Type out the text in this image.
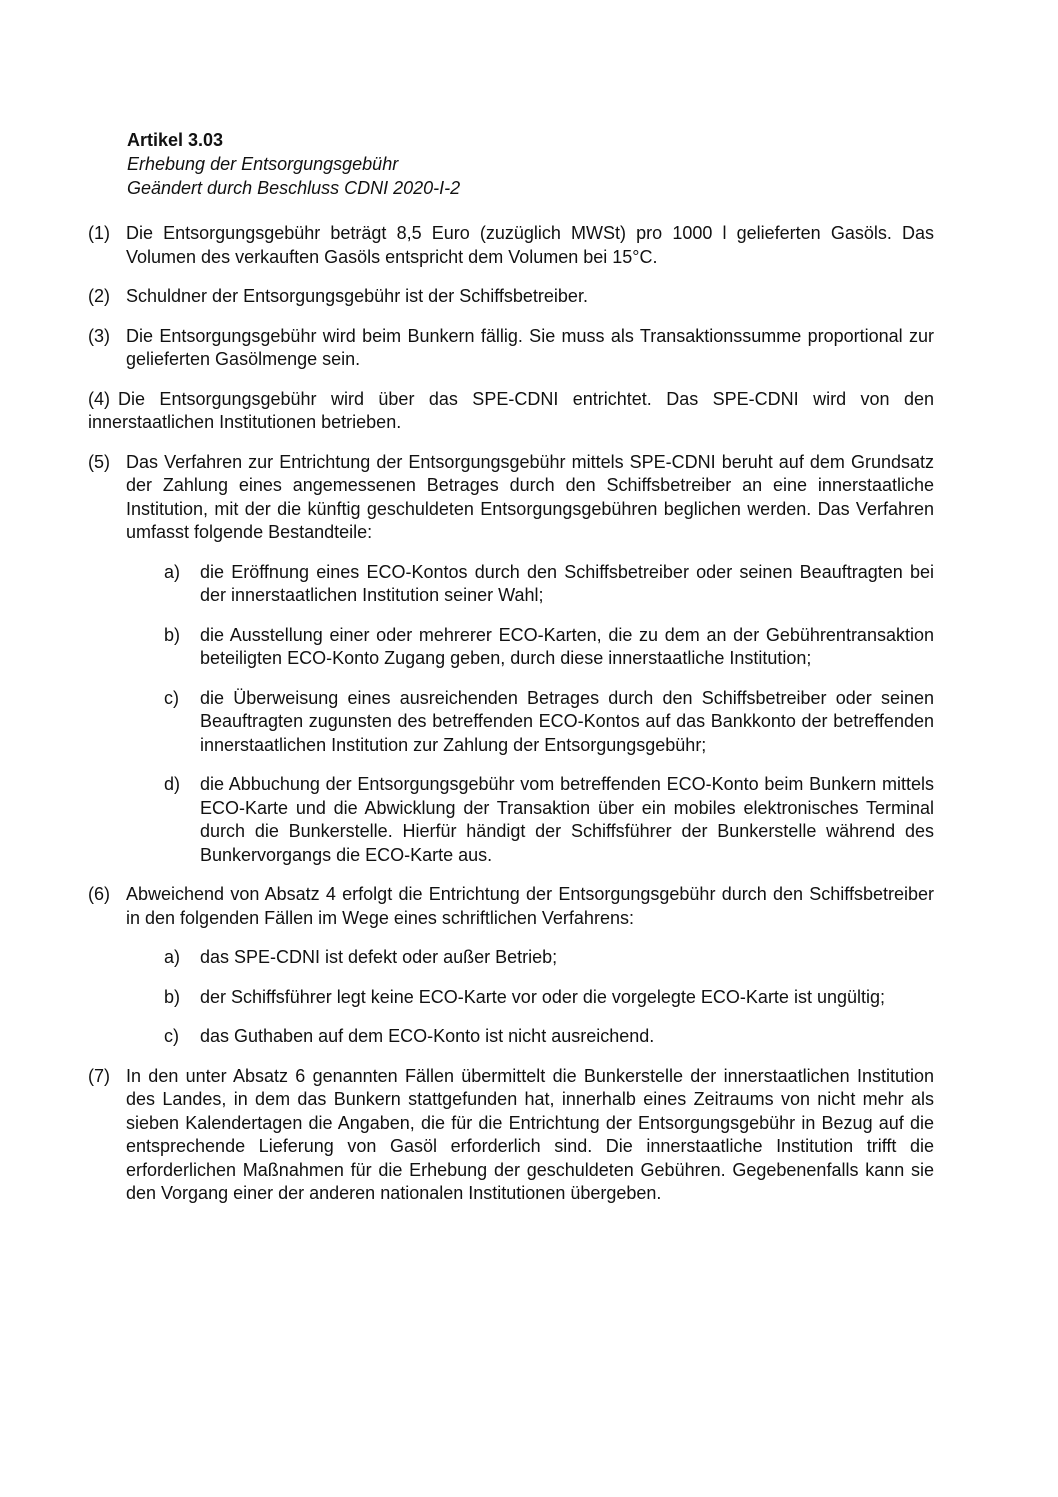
Artikel 3.03
Erhebung der Entsorgungsgebühr
Geändert durch Beschluss CDNI 2020-I-2
(1) Die Entsorgungsgebühr beträgt 8,5 Euro (zuzüglich MWSt) pro 1000 l gelieferten Gasöls. Das Volumen des verkauften Gasöls entspricht dem Volumen bei 15°C.
(2) Schuldner der Entsorgungsgebühr ist der Schiffsbetreiber.
(3) Die Entsorgungsgebühr wird beim Bunkern fällig. Sie muss als Transaktionssumme proportional zur gelieferten Gasölmenge sein.
(4) Die Entsorgungsgebühr wird über das SPE-CDNI entrichtet. Das SPE-CDNI wird von den innerstaatlichen Institutionen betrieben.
(5) Das Verfahren zur Entrichtung der Entsorgungsgebühr mittels SPE-CDNI beruht auf dem Grundsatz der Zahlung eines angemessenen Betrages durch den Schiffsbetreiber an eine innerstaatliche Institution, mit der die künftig geschuldeten Entsorgungsgebühren beglichen werden. Das Verfahren umfasst folgende Bestandteile:
a) die Eröffnung eines ECO-Kontos durch den Schiffsbetreiber oder seinen Beauftragten bei der innerstaatlichen Institution seiner Wahl;
b) die Ausstellung einer oder mehrerer ECO-Karten, die zu dem an der Gebührentransaktion beteiligten ECO-Konto Zugang geben, durch diese innerstaatliche Institution;
c) die Überweisung eines ausreichenden Betrages durch den Schiffsbetreiber oder seinen Beauftragten zugunsten des betreffenden ECO-Kontos auf das Bankkonto der betreffenden innerstaatlichen Institution zur Zahlung der Entsorgungsgebühr;
d) die Abbuchung der Entsorgungsgebühr vom betreffenden ECO-Konto beim Bunkern mittels ECO-Karte und die Abwicklung der Transaktion über ein mobiles elektronisches Terminal durch die Bunkerstelle. Hierfür händigt der Schiffsführer der Bunkerstelle während des Bunkervorgangs die ECO-Karte aus.
(6) Abweichend von Absatz 4 erfolgt die Entrichtung der Entsorgungsgebühr durch den Schiffsbetreiber in den folgenden Fällen im Wege eines schriftlichen Verfahrens:
a) das SPE-CDNI ist defekt oder außer Betrieb;
b) der Schiffsführer legt keine ECO-Karte vor oder die vorgelegte ECO-Karte ist ungültig;
c) das Guthaben auf dem ECO-Konto ist nicht ausreichend.
(7) In den unter Absatz 6 genannten Fällen übermittelt die Bunkerstelle der innerstaatlichen Institution des Landes, in dem das Bunkern stattgefunden hat, innerhalb eines Zeitraums von nicht mehr als sieben Kalendertagen die Angaben, die für die Entrichtung der Entsorgungsgebühr in Bezug auf die entsprechende Lieferung von Gasöl erforderlich sind. Die innerstaatliche Institution trifft die erforderlichen Maßnahmen für die Erhebung der geschuldeten Gebühren. Gegebenenfalls kann sie den Vorgang einer der anderen nationalen Institutionen übergeben.
